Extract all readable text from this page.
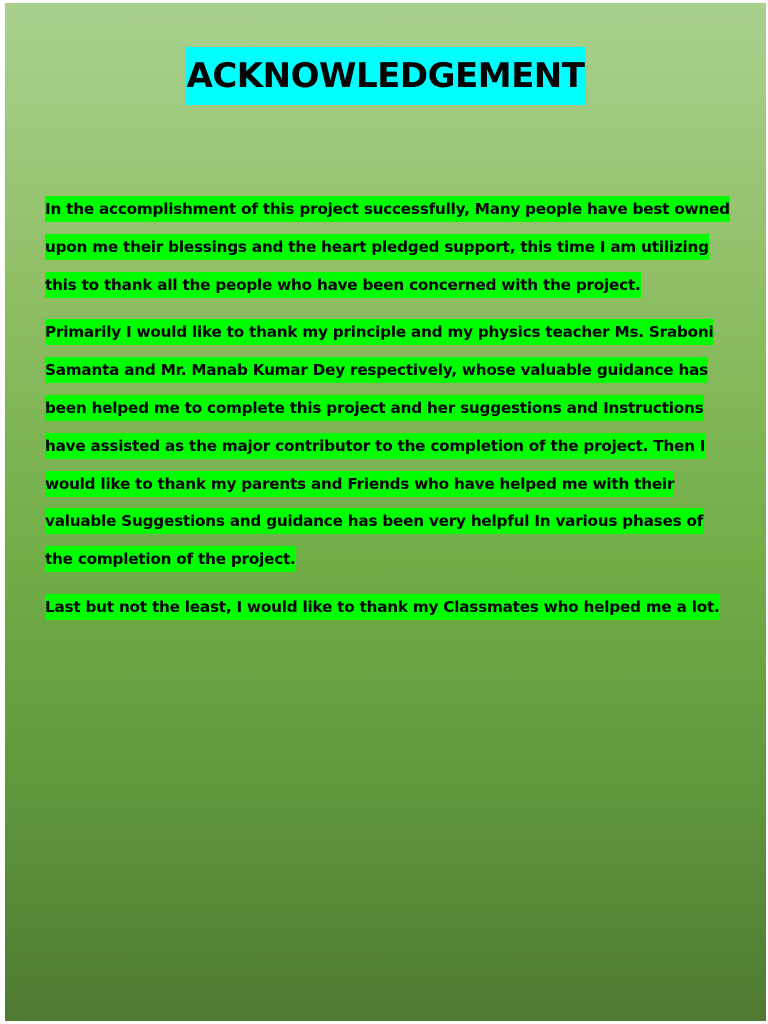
ACKNOWLEDGEMENT

In the accomplishment of this project successfully, Many people have best owned upon me their blessings and the heart pledged support, this time I am utilizing this to thank all the people who have been concerned with the project.

Primarily I would like to thank my principle and my physics teacher Ms. Sraboni Samanta and Mr. Manab Kumar Dey respectively, whose valuable guidance has been helped me to complete this project and her suggestions and Instructions have assisted as the major contributor to the completion of the project. Then I would like to thank my parents and Friends who have helped me with their valuable Suggestions and guidance has been very helpful In various phases of the completion of the project.

Last but not the least, I would like to thank my Classmates who helped me a lot.
